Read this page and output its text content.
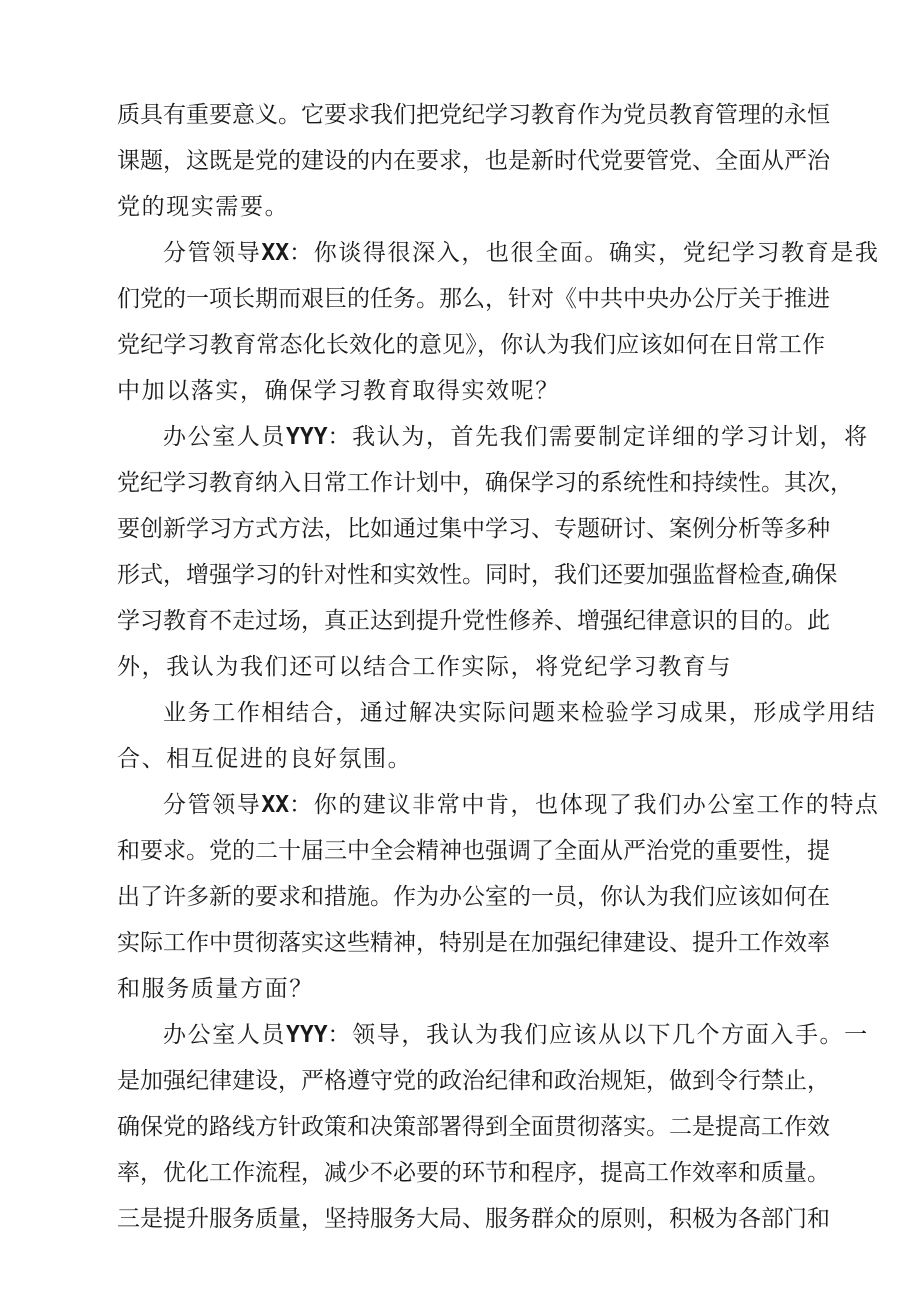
质具有重要意义。它要求我们把党纪学习教育作为党员教育管理的永恒
课题，这既是党的建设的内在要求，也是新时代党要管党、全面从严治
党的现实需要。
分管领导XX：你谈得很深入，也很全面。确实，党纪学习教育是我
们党的一项长期而艰巨的任务。那么，针对《中共中央办公厅关于推进
党纪学习教育常态化长效化的意见》，你认为我们应该如何在日常工作
中加以落实，确保学习教育取得实效呢？
办公室人员YYY：我认为，首先我们需要制定详细的学习计划，将
党纪学习教育纳入日常工作计划中，确保学习的系统性和持续性。其次，
要创新学习方式方法，比如通过集中学习、专题研讨、案例分析等多种
形式，增强学习的针对性和实效性。同时，我们还要加强监督检查,确保
学习教育不走过场，真正达到提升党性修养、增强纪律意识的目的。此
外，我认为我们还可以结合工作实际，将党纪学习教育与
业务工作相结合，通过解决实际问题来检验学习成果，形成学用结
合、相互促进的良好氛围。
分管领导XX：你的建议非常中肯，也体现了我们办公室工作的特点
和要求。党的二十届三中全会精神也强调了全面从严治党的重要性，提
出了许多新的要求和措施。作为办公室的一员，你认为我们应该如何在
实际工作中贯彻落实这些精神，特别是在加强纪律建设、提升工作效率
和服务质量方面？
办公室人员YYY：领导，我认为我们应该从以下几个方面入手。一
是加强纪律建设，严格遵守党的政治纪律和政治规矩，做到令行禁止，
确保党的路线方针政策和决策部署得到全面贯彻落实。二是提高工作效
率，优化工作流程，减少不必要的环节和程序，提高工作效率和质量。
三是提升服务质量，坚持服务大局、服务群众的原则，积极为各部门和
